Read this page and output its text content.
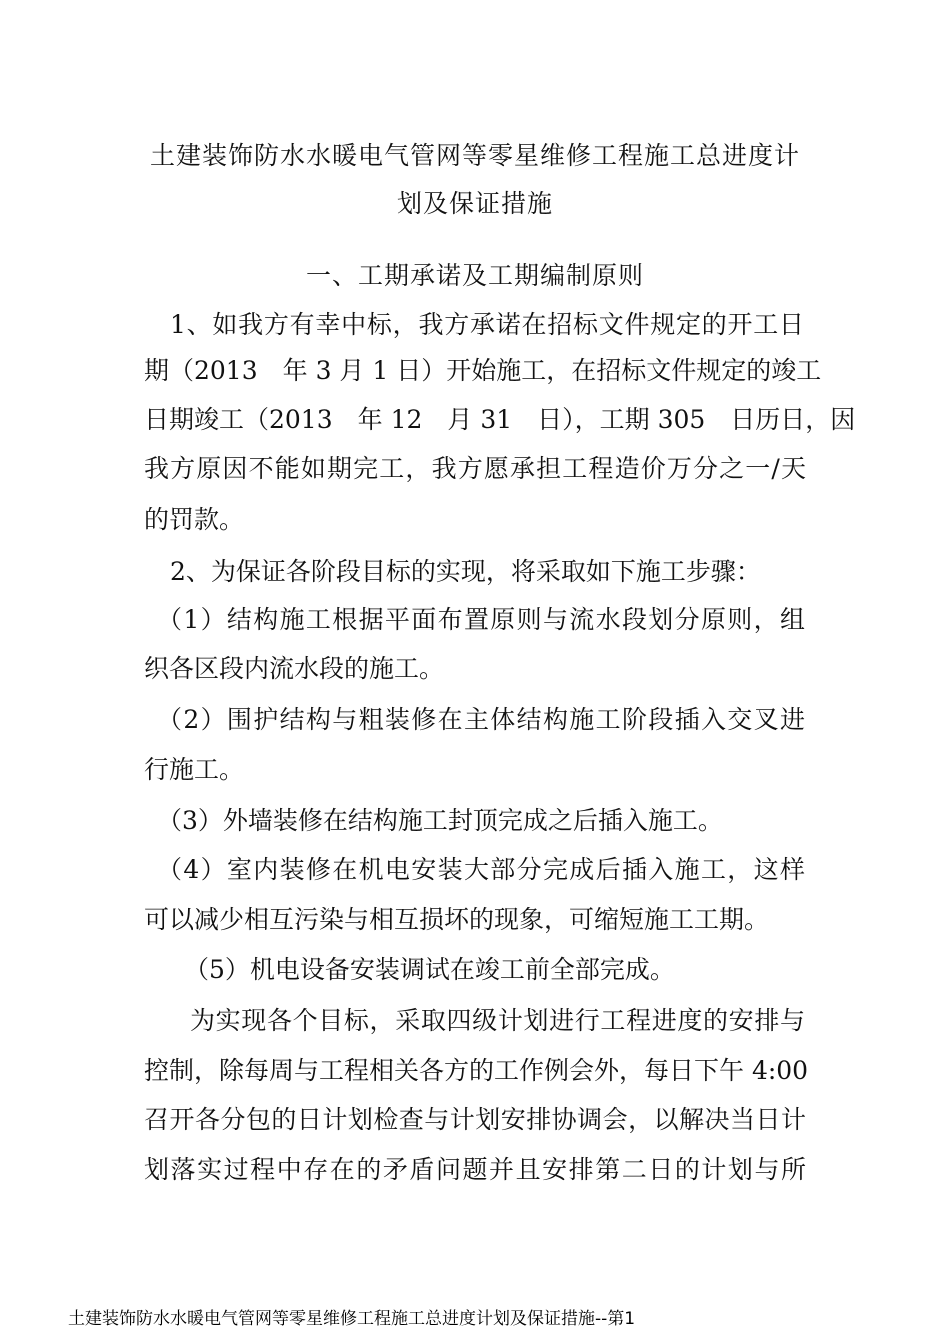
土建装饰防水水暖电气管网等零星维修工程施工总进度计
划及保证措施
一、工期承诺及工期编制原则
1、如我方有幸中标，我方承诺在招标文件规定的开工日
期（2013　年 3 月 1 日）开始施工，在招标文件规定的竣工
日期竣工（2013　年 12　月 31　日），工期 305　日历日，因
我方原因不能如期完工，我方愿承担工程造价万分之一/天
的罚款。
2、为保证各阶段目标的实现，将采取如下施工步骤：
（1）结构施工根据平面布置原则与流水段划分原则，组
织各区段内流水段的施工。
（2）围护结构与粗装修在主体结构施工阶段插入交叉进
行施工。
（3）外墙装修在结构施工封顶完成之后插入施工。
（4）室内装修在机电安装大部分完成后插入施工，这样
可以减少相互污染与相互损坏的现象，可缩短施工工期。
（5）机电设备安装调试在竣工前全部完成。
为实现各个目标，采取四级计划进行工程进度的安排与
控制，除每周与工程相关各方的工作例会外，每日下午 4:00
召开各分包的日计划检查与计划安排协调会，以解决当日计
划落实过程中存在的矛盾问题并且安排第二日的计划与所
土建装饰防水水暖电气管网等零星维修工程施工总进度计划及保证措施--第1
